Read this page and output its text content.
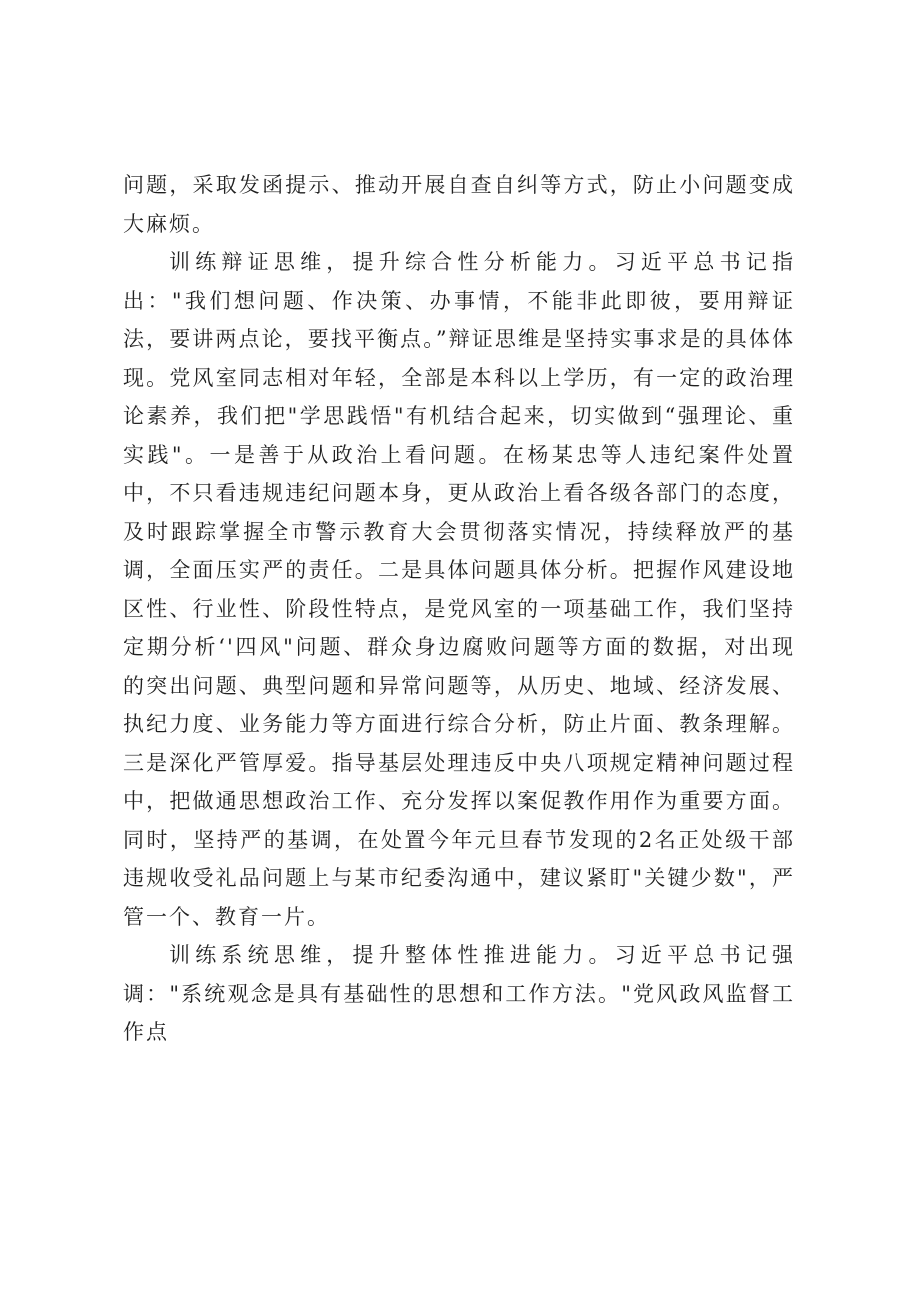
问题，采取发函提示、推动开展自查自纠等方式，防止小问题变成大麻烦。

训练辩证思维，提升综合性分析能力。习近平总书记指出："我们想问题、作决策、办事情，不能非此即彼，要用辩证法，要讲两点论，要找平衡点。”辩证思维是坚持实事求是的具体体现。党风室同志相对年轻，全部是本科以上学历，有一定的政治理论素养，我们把"学思践悟"有机结合起来，切实做到“强理论、重实践"。一是善于从政治上看问题。在杨某忠等人违纪案件处置中，不只看违规违纪问题本身，更从政治上看各级各部门的态度，及时跟踪掌握全市警示教育大会贯彻落实情况，持续释放严的基调，全面压实严的责任。二是具体问题具体分析。把握作风建设地区性、行业性、阶段性特点，是党风室的一项基础工作，我们坚持定期分析‘'四风"问题、群众身边腐败问题等方面的数据，对出现的突出问题、典型问题和异常问题等，从历史、地域、经济发展、执纪力度、业务能力等方面进行综合分析，防止片面、教条理解。三是深化严管厚爱。指导基层处理违反中央八项规定精神问题过程中，把做通思想政治工作、充分发挥以案促教作用作为重要方面。同时，坚持严的基调，在处置今年元旦春节发现的2名正处级干部违规收受礼品问题上与某市纪委沟通中，建议紧盯"关键少数"，严管一个、教育一片。

训练系统思维，提升整体性推进能力。习近平总书记强调："系统观念是具有基础性的思想和工作方法。"党风政风监督工作点
